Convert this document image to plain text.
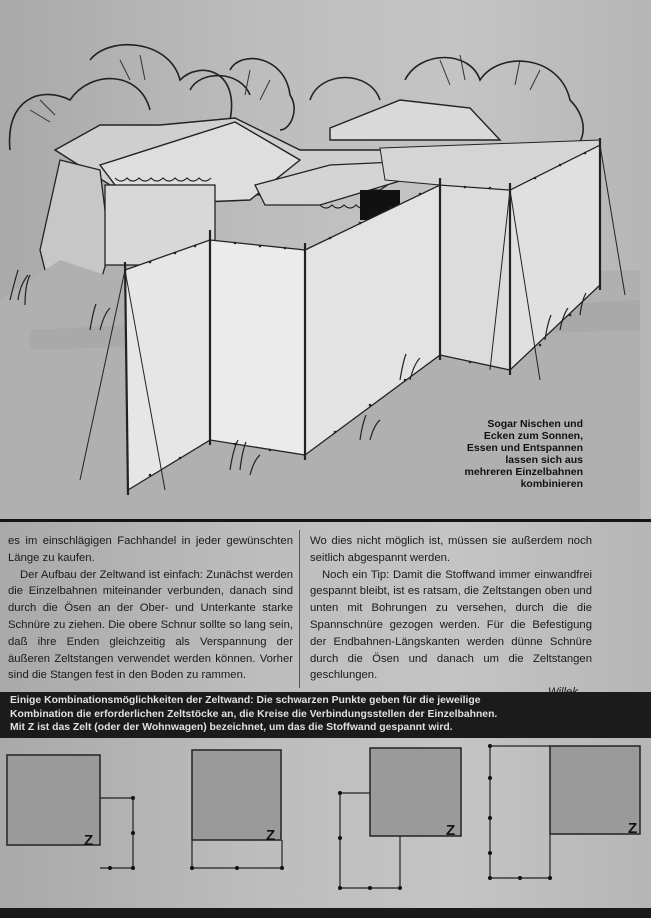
Sogar Nischen und
Ecken zum Sonnen,
Essen und Entspannen
lassen sich aus
mehreren Einzelbahnen
kombinieren

es im einschlägigen Fachhandel in jeder gewünschten Länge zu kaufen.

Der Aufbau der Zeltwand ist einfach: Zunächst werden die Einzelbahnen miteinander verbunden, danach sind durch die Ösen an der Ober- und Unterkante starke Schnüre zu ziehen. Die obere Schnur sollte so lang sein, daß ihre Enden gleichzeitig als Verspannung der äußeren Zeltstangen verwendet werden können. Vorher sind die Stangen fest in den Boden zu rammen.

Wo dies nicht möglich ist, müssen sie außerdem noch seitlich abgespannt werden.

Noch ein Tip: Damit die Stoffwand immer einwandfrei gespannt bleibt, ist es ratsam, die Zeltstangen oben und unten mit Bohrungen zu versehen, durch die die Spannschnüre gezogen werden. Für die Befestigung der Endbahnen-Längskanten werden dünne Schnüre durch die Ösen und danach um die Zeltstangen geschlungen.

Einige Kombinationsmöglichkeiten der Zeltwand: Die schwarzen Punkte geben für die jeweilige
Kombination die erforderlichen Zeltstöcke an, die Kreise die Verbindungsstellen der Einzelbahnen.
Mit Z ist das Zelt (oder der Wohnwagen) bezeichnet, um das die Stoffwand gespannt wird.
Z	Z	Z	Z
